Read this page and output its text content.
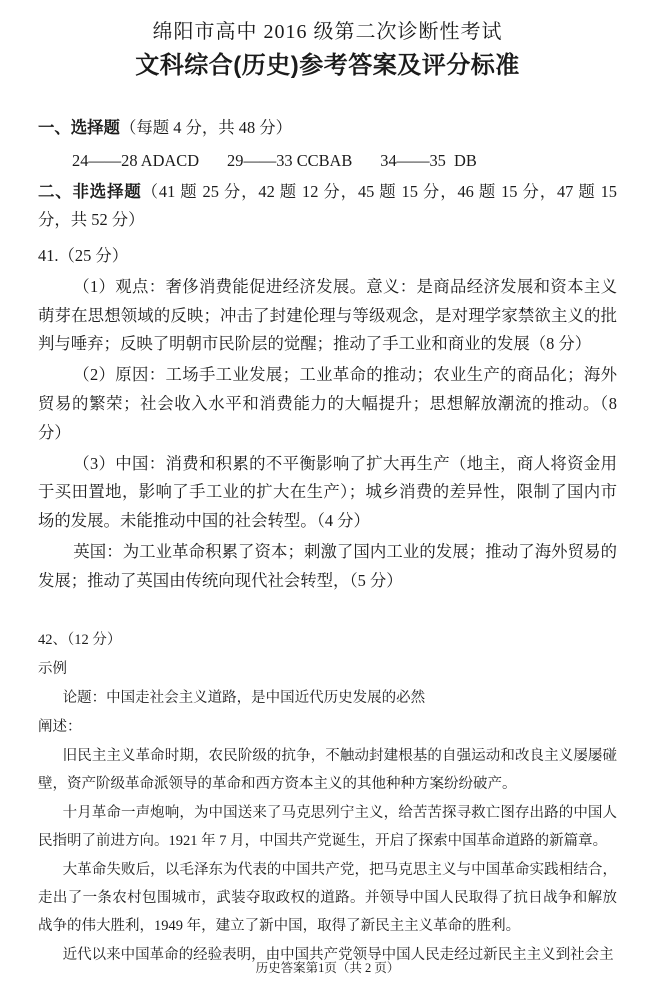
绵阳市高中 2016 级第二次诊断性考试
文科综合(历史)参考答案及评分标准

一、选择题（每题 4 分，共 48 分）

24——28 ADACD 29——33 CCBAB 34——35  DB

二、非选择题（41 题 25 分，42 题 12 分，45 题 15 分，46 题 15 分，47 题 15 分，共 52 分）

41.（25 分）

（1）观点：奢侈消费能促进经济发展。意义：是商品经济发展和资本主义萌芽在思想领域的反映；冲击了封建伦理与等级观念，是对理学家禁欲主义的批判与唾弃；反映了明朝市民阶层的觉醒；推动了手工业和商业的发展（8 分）

（2）原因：工场手工业发展；工业革命的推动；农业生产的商品化；海外贸易的繁荣；社会收入水平和消费能力的大幅提升；思想解放潮流的推动。（8 分）

（3）中国：消费和积累的不平衡影响了扩大再生产（地主，商人将资金用于买田置地，影响了手工业的扩大在生产）；城乡消费的差异性，限制了国内市场的发展。未能推动中国的社会转型。（4 分）

英国：为工业革命积累了资本；刺激了国内工业的发展；推动了海外贸易的发展；推动了英国由传统向现代社会转型，（5 分）

42、（12 分）

示例

论题：中国走社会主义道路，是中国近代历史发展的必然

阐述：

旧民主主义革命时期，农民阶级的抗争，不触动封建根基的自强运动和改良主义屡屡碰壁，资产阶级革命派领导的革命和西方资本主义的其他种种方案纷纷破产。

十月革命一声炮响，为中国送来了马克思列宁主义，给苦苦探寻救亡图存出路的中国人民指明了前进方向。1921 年 7 月，中国共产党诞生，开启了探索中国革命道路的新篇章。

大革命失败后，以毛泽东为代表的中国共产党，把马克思主义与中国革命实践相结合，走出了一条农村包围城市，武装夺取政权的道路。并领导中国人民取得了抗日战争和解放战争的伟大胜利，1949 年，建立了新中国，取得了新民主主义革命的胜利。

近代以来中国革命的经验表明，由中国共产党领导中国人民走经过新民主主义到社会主

历史答案第1页（共 2 页）
